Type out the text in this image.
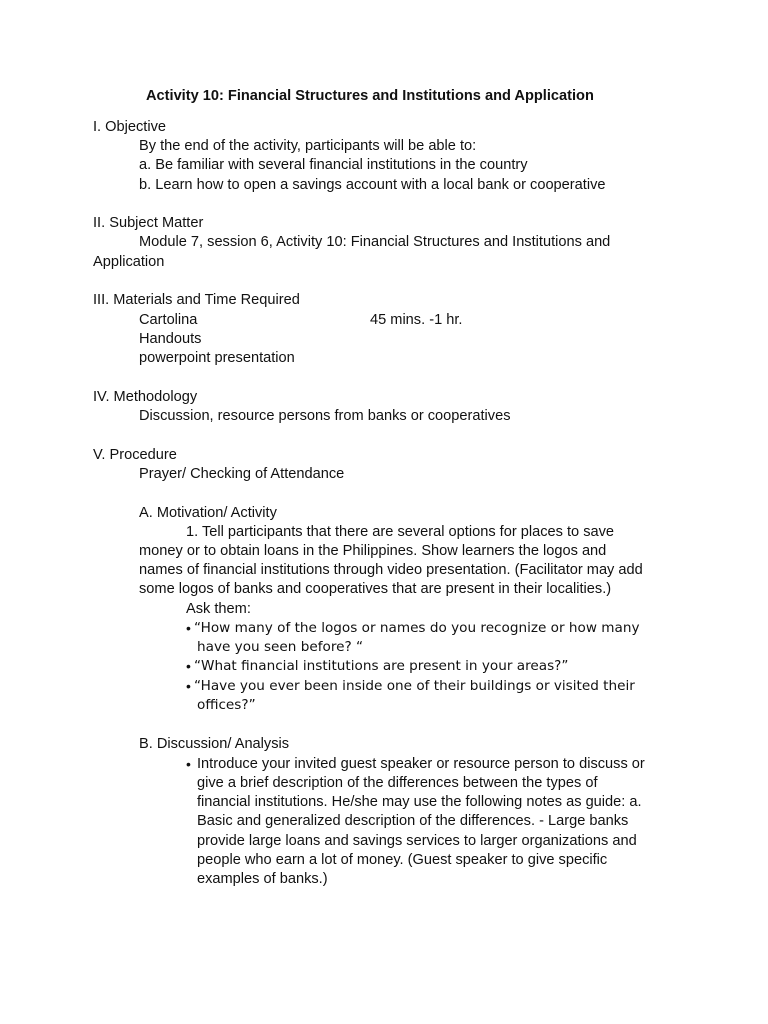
Activity 10: Financial Structures and Institutions and Application
I. Objective
By the end of the activity, participants will be able to:
a. Be familiar with several financial institutions in the country
b. Learn how to open a savings account with a local bank or cooperative
II. Subject Matter
Module 7, session 6, Activity 10: Financial Structures and Institutions and
Application
III. Materials and Time Required
Cartolina	45 mins. -1 hr.
Handouts
powerpoint presentation
IV. Methodology
Discussion, resource persons from banks or cooperatives
V. Procedure
Prayer/ Checking of Attendance
A. Motivation/ Activity
1. Tell participants that there are several options for places to save
money or to obtain loans in the Philippines. Show learners the logos and
names of financial institutions through video presentation. (Facilitator may add
some logos of banks and cooperatives that are present in their localities.)
Ask them:
• “How many of the logos or names do you recognize or how many
have you seen before? “
• “What financial institutions are present in your areas?”
• “Have you ever been inside one of their buildings or visited their
offices?”
B. Discussion/ Analysis
• Introduce your invited guest speaker or resource person to discuss or
give a brief description of the differences between the types of
financial institutions. He/she may use the following notes as guide: a.
Basic and generalized description of the differences. - Large banks
provide large loans and savings services to larger organizations and
people who earn a lot of money. (Guest speaker to give specific
examples of banks.)
